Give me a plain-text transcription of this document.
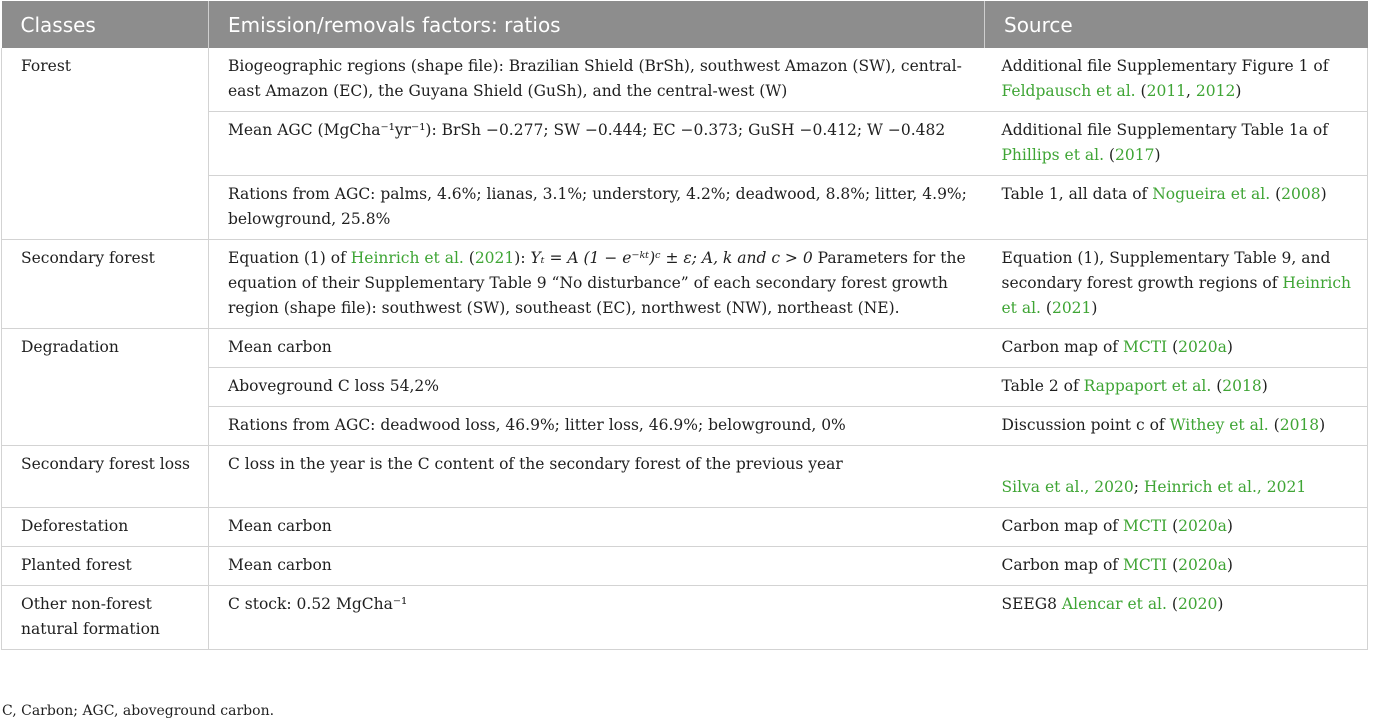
Classes	Emission/removals factors: ratios	Source
Forest	Biogeographic regions (shape file): Brazilian Shield (BrSh), southwest Amazon (SW), central-east Amazon (EC), the Guyana Shield (GuSh), and the central-west (W)	Additional file Supplementary Figure 1 of Feldpausch et al. (2011, 2012)
	Mean AGC (MgCha⁻¹yr⁻¹): BrSh −0.277; SW −0.444; EC −0.373; GuSH −0.412; W −0.482	Additional file Supplementary Table 1a of Phillips et al. (2017)
	Rations from AGC: palms, 4.6%; lianas, 3.1%; understory, 4.2%; deadwood, 8.8%; litter, 4.9%; belowground, 25.8%	Table 1, all data of Nogueira et al. (2008)
Secondary forest	Equation (1) of Heinrich et al. (2021): Yₜ = A (1 − e⁻ᵏᵗ)ᶜ ± ε; A, k and c > 0 Parameters for the equation of their Supplementary Table 9 “No disturbance” of each secondary forest growth region (shape file): southwest (SW), southeast (EC), northwest (NW), northeast (NE).	Equation (1), Supplementary Table 9, and secondary forest growth regions of Heinrich et al. (2021)
Degradation	Mean carbon	Carbon map of MCTI (2020a)
	Aboveground C loss 54,2%	Table 2 of Rappaport et al. (2018)
	Rations from AGC: deadwood loss, 46.9%; litter loss, 46.9%; belowground, 0%	Discussion point c of Withey et al. (2018)
Secondary forest loss	C loss in the year is the C content of the secondary forest of the previous year	Silva et al., 2020; Heinrich et al., 2021

Deforestation	Mean carbon	Carbon map of MCTI (2020a)
Planted forest	Mean carbon	Carbon map of MCTI (2020a)
Other non-forest natural formation	C stock: 0.52 MgCha⁻¹	SEEG8 Alencar et al. (2020)
C, Carbon; AGC, aboveground carbon.
